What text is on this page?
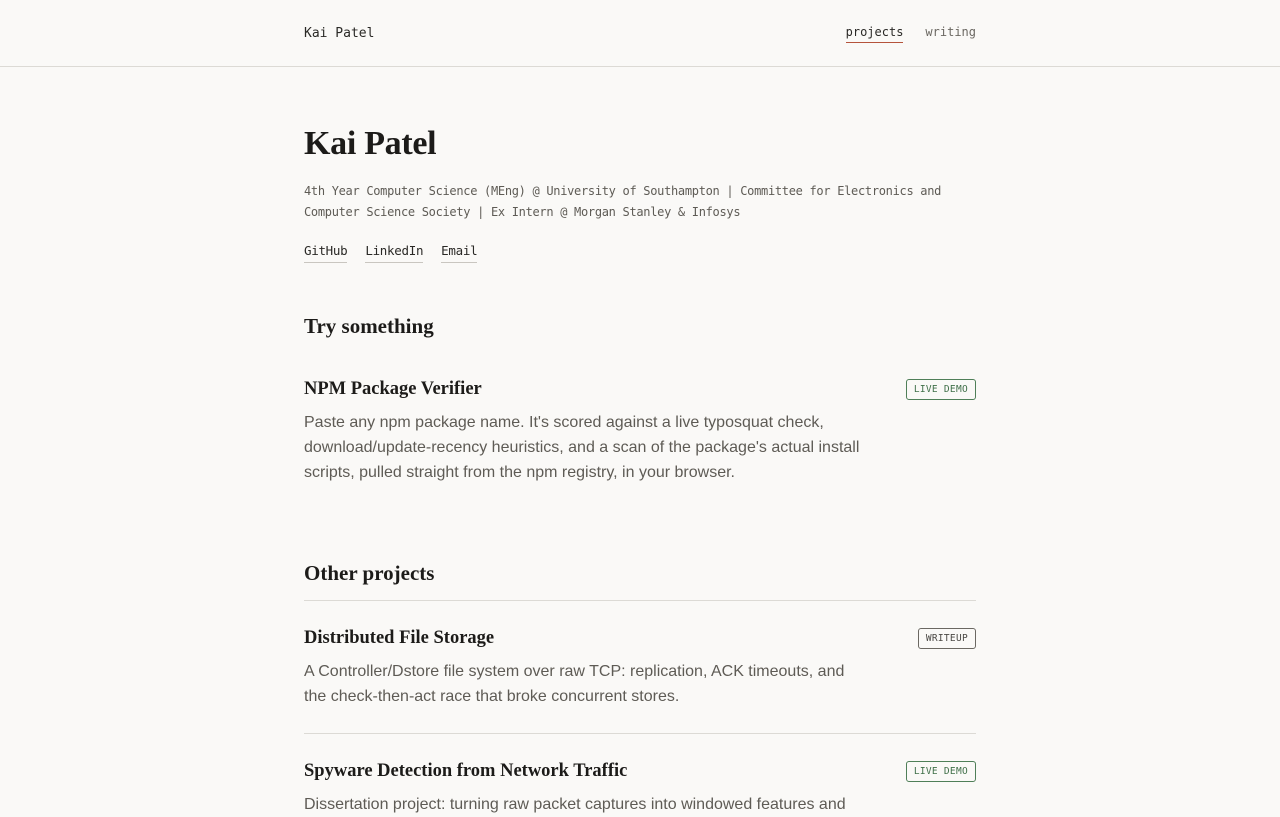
Kai Patel	projects writing
Kai Patel

4th Year Computer Science (MEng) @ University of Southampton | Committee for Electronics and Computer Science Society | Ex Intern @ Morgan Stanley & Infosys

GitHub LinkedIn Email
Try something
LIVE DEMO
NPM Package Verifier

Paste any npm package name. It's scored against a live typosquat check, download/update-recency heuristics, and a scan of the package's actual install scripts, pulled straight from the npm registry, in your browser.

Other projects
WRITEUP
Distributed File Storage

A Controller/Dstore file system over raw TCP: replication, ACK timeouts, and the check-then-act race that broke concurrent stores.

LIVE DEMO
Spyware Detection from Network Traffic

Dissertation project: turning raw packet captures into windowed features and
